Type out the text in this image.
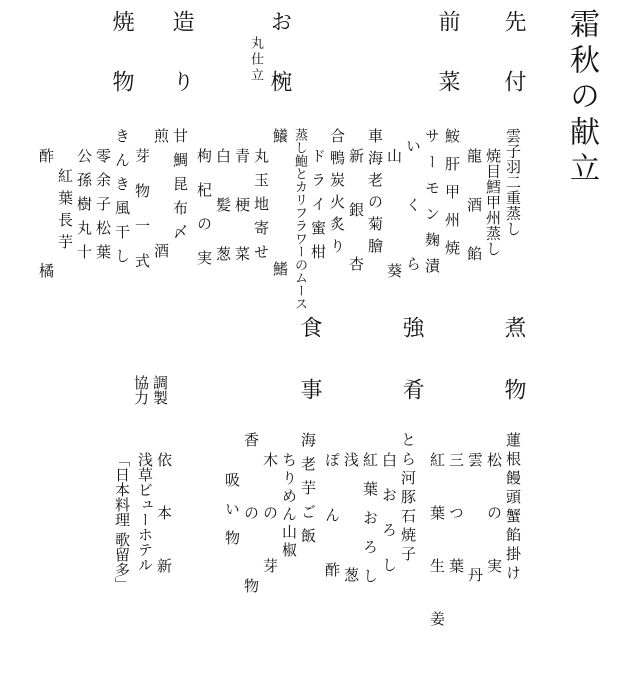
霜秋の献立
先付
雲子羽二重蒸し
焼目鱈甲州蒸し
龍酒餡
前菜
鮟肝甲州焼
サーモン麹漬
いくら
山葵
車海老の菊膾
新銀杏
合鴨炭火炙り
ドライ蜜柑
蒸し鮑とカリフラワーのムース
お椀
丸仕立
鱶鰭
丸玉地寄せ
青梗菜
白髪葱
枸杞の実
造り
甘鯛昆布〆
煎酒
芽物一式
焼物
きんき風干し
零余子松葉
公孫樹丸十
紅葉長芋
酢橘	煮物
蓮根饅頭蟹餡掛け
松の実
雲丹
三つ葉
紅葉生姜
強肴
とら河豚石焼子
白おろし
紅葉おろし
浅葱
ぽん酢
食事
海老芋ご飯
ちりめん山椒
木の芽
香の物
吸い物
調製
協力
依本新
浅草ビューホテル
「日本料理 歌留多」
